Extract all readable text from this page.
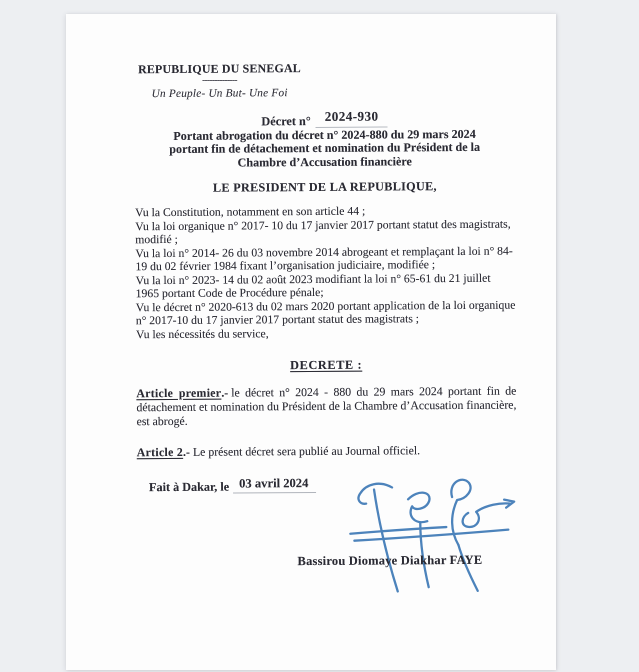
REPUBLIQUE DU SENEGAL
--------------
Un Peuple- Un But- Une Foi
Décret n° 2024-930
Portant abrogation du décret n° 2024-880 du 29 mars 2024
portant fin de détachement et nomination du Président de la
Chambre d’Accusation financière
LE PRESIDENT DE LA REPUBLIQUE,

Vu la Constitution, notamment en son article 44 ;

Vu la loi organique n° 2017- 10 du 17 janvier 2017 portant statut des magistrats, modifié ;

Vu la loi n° 2014- 26 du 03 novembre 2014 abrogeant et remplaçant la loi n° 84-19 du 02 février 1984 fixant l’organisation judiciaire, modifiée ;

Vu la loi n° 2023- 14 du 02 août 2023 modifiant la loi n° 65-61 du 21 juillet 1965 portant Code de Procédure pénale;

Vu le décret n° 2020-613 du 02 mars 2020 portant application de la loi organique n° 2017-10 du 17 janvier 2017 portant statut des magistrats ;

Vu les nécessités du service,

DECRETE :

Article premier.- le décret n° 2024 - 880 du 29 mars 2024 portant fin de détachement et nomination du Président de la Chambre d’Accusation financière, est abrogé.

Article 2.- Le présent décret sera publié au Journal officiel.

Fait à Dakar, le 03 avril 2024
Bassirou Diomaye Diakhar FAYE
